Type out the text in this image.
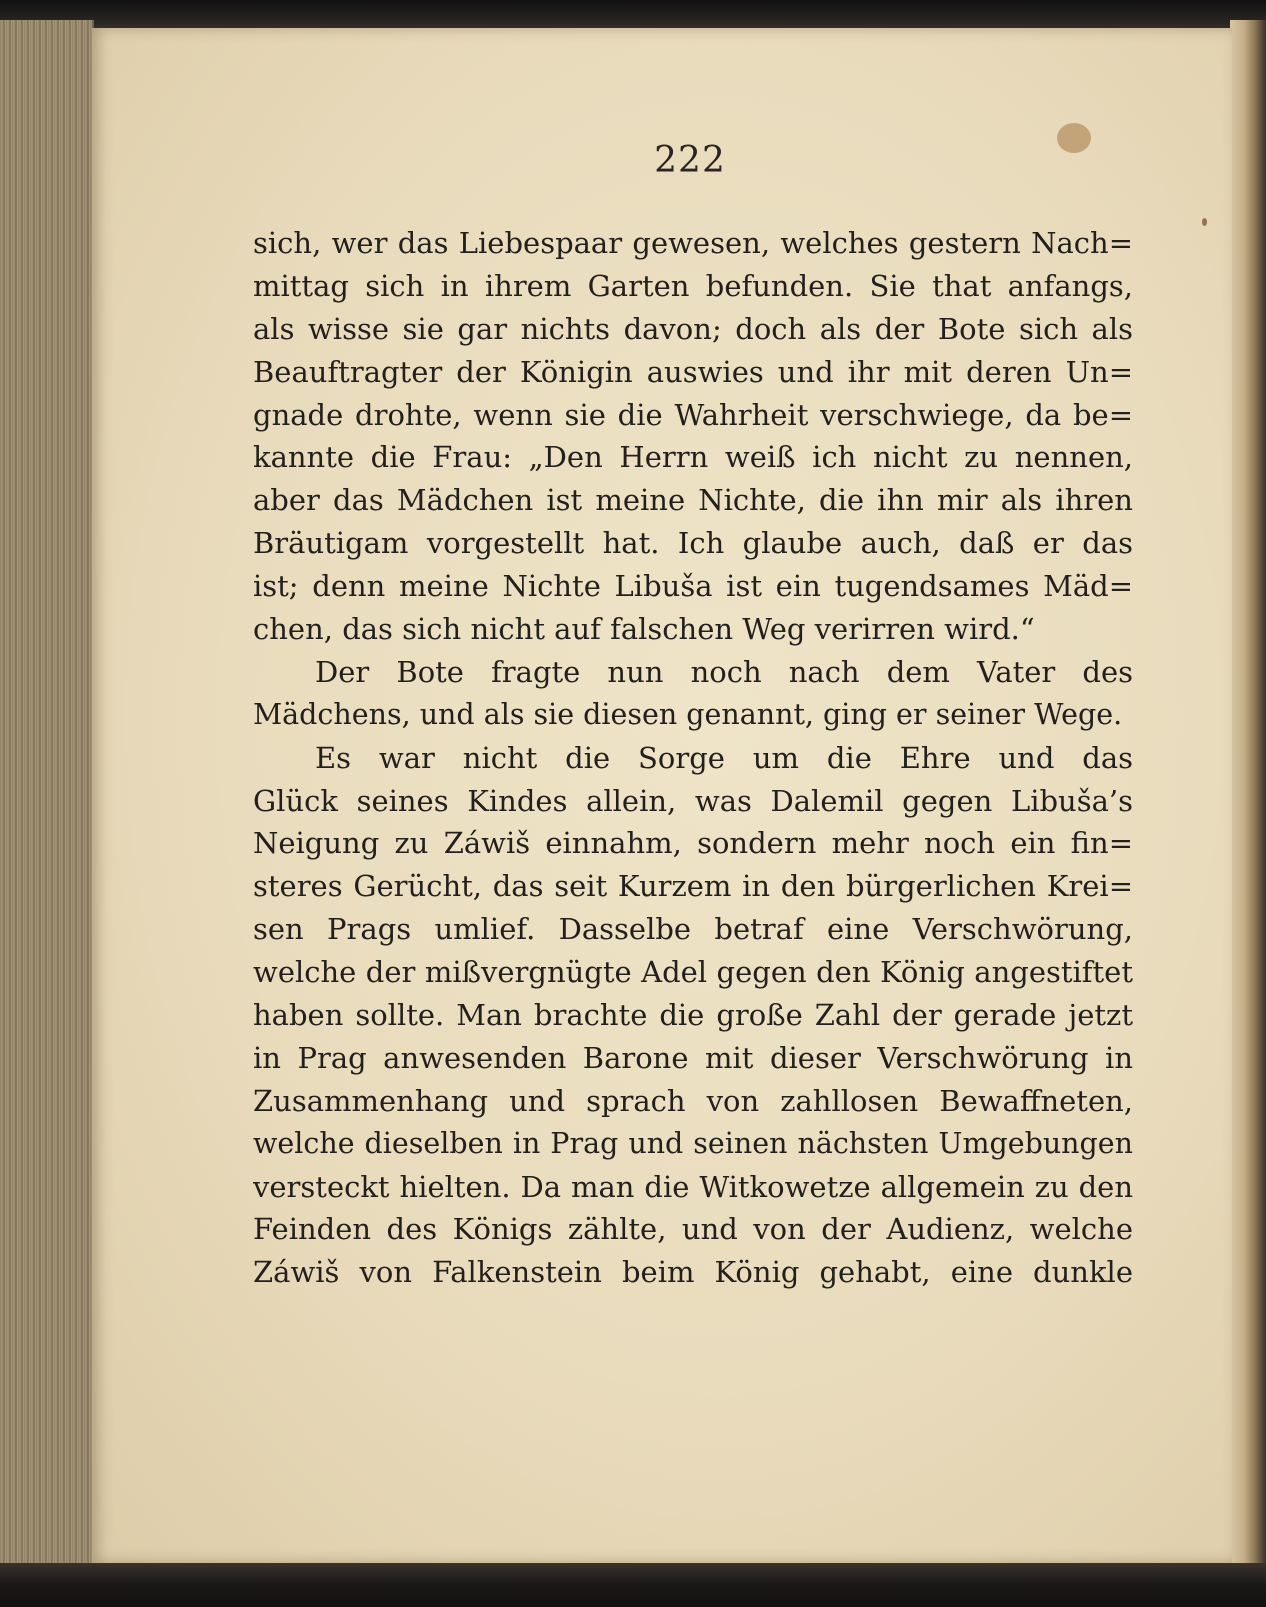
222
sich, wer das Liebespaar gewesen, welches gestern Nach=
mittag sich in ihrem Garten befunden. Sie that anfangs,
als wisse sie gar nichts davon; doch als der Bote sich als
Beauftragter der Königin auswies und ihr mit deren Un=
gnade drohte, wenn sie die Wahrheit verschwiege, da be=
kannte die Frau: „Den Herrn weiß ich nicht zu nennen,
aber das Mädchen ist meine Nichte, die ihn mir als ihren
Bräutigam vorgestellt hat. Ich glaube auch, daß er das
ist; denn meine Nichte Libuša ist ein tugendsames Mäd=
chen, das sich nicht auf falschen Weg verirren wird.“
Der Bote fragte nun noch nach dem Vater des
Mädchens, und als sie diesen genannt, ging er seiner Wege.
Es war nicht die Sorge um die Ehre und das
Glück seines Kindes allein, was Dalemil gegen Libuša’s
Neigung zu Záwiš einnahm, sondern mehr noch ein fin=
steres Gerücht, das seit Kurzem in den bürgerlichen Krei=
sen Prags umlief. Dasselbe betraf eine Verschwörung,
welche der mißvergnügte Adel gegen den König angestiftet
haben sollte. Man brachte die große Zahl der gerade jetzt
in Prag anwesenden Barone mit dieser Verschwörung in
Zusammenhang und sprach von zahllosen Bewaffneten,
welche dieselben in Prag und seinen nächsten Umgebungen
versteckt hielten. Da man die Witkowetze allgemein zu den
Feinden des Königs zählte, und von der Audienz, welche
Záwiš von Falkenstein beim König gehabt, eine dunkle
